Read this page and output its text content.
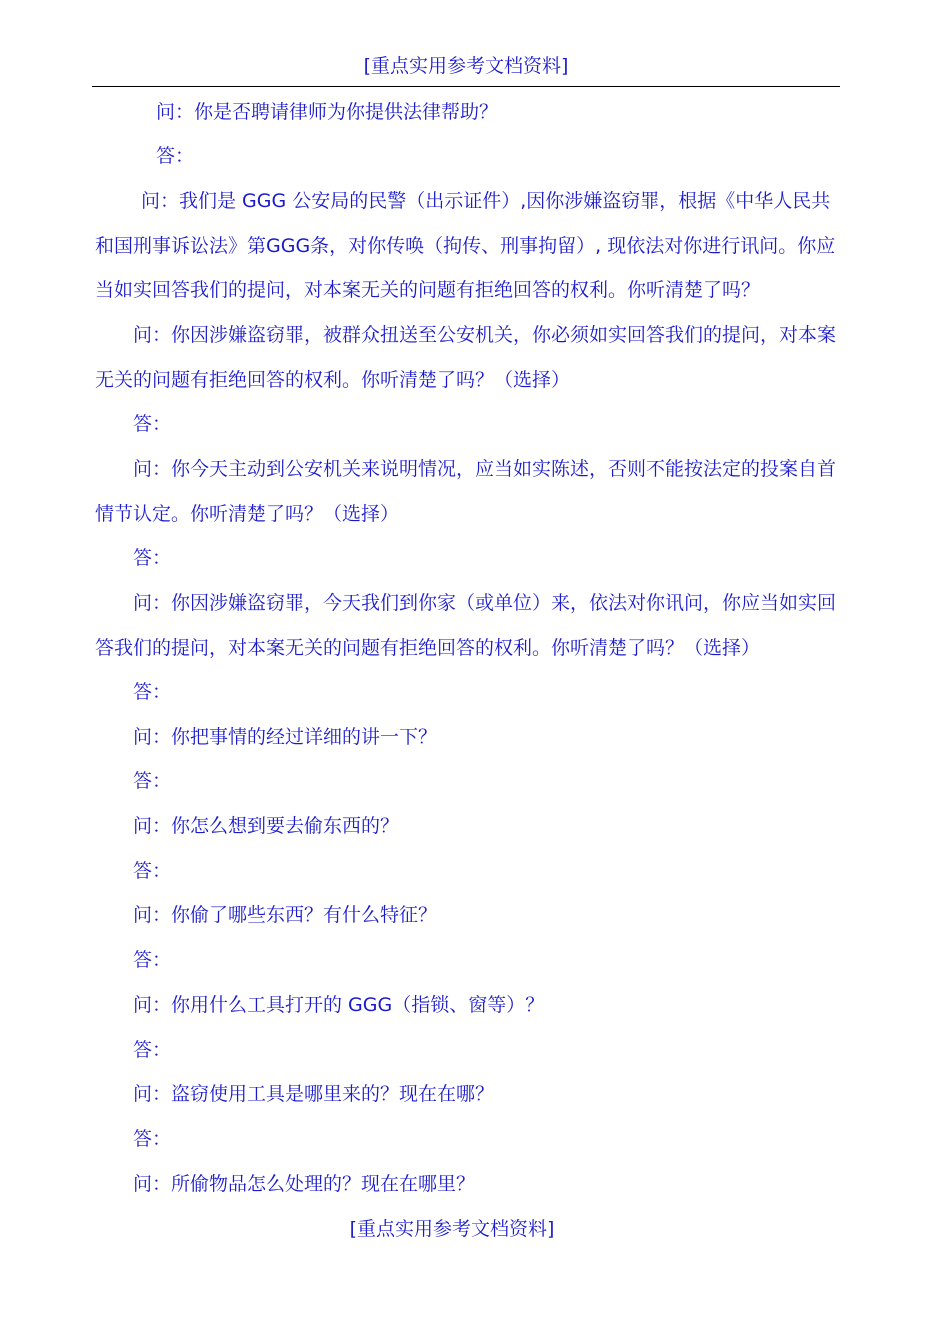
[重点实用参考文档资料]
问：你是否聘请律师为你提供法律帮助？
答：
问：我们是 GGG 公安局的民警（出示证件）,因你涉嫌盗窃罪，根据《中华人民共
和国刑事诉讼法》第GGG条，对你传唤（拘传、刑事拘留）, 现依法对你进行讯问。你应
当如实回答我们的提问，对本案无关的问题有拒绝回答的权利。你听清楚了吗？
问：你因涉嫌盗窃罪，被群众扭送至公安机关，你必须如实回答我们的提问，对本案
无关的问题有拒绝回答的权利。你听清楚了吗？（选择）
答：
问：你今天主动到公安机关来说明情况，应当如实陈述，否则不能按法定的投案自首
情节认定。你听清楚了吗？（选择）
答：
问：你因涉嫌盗窃罪，今天我们到你家（或单位）来，依法对你讯问，你应当如实回
答我们的提问，对本案无关的问题有拒绝回答的权利。你听清楚了吗？（选择）
答：
问：你把事情的经过详细的讲一下？
答：
问：你怎么想到要去偷东西的？
答：
问：你偷了哪些东西？有什么特征？
答：
问：你用什么工具打开的 GGG（指锁、窗等）？
答：
问：盗窃使用工具是哪里来的？现在在哪？
答：
问：所偷物品怎么处理的？现在在哪里？
[重点实用参考文档资料]
